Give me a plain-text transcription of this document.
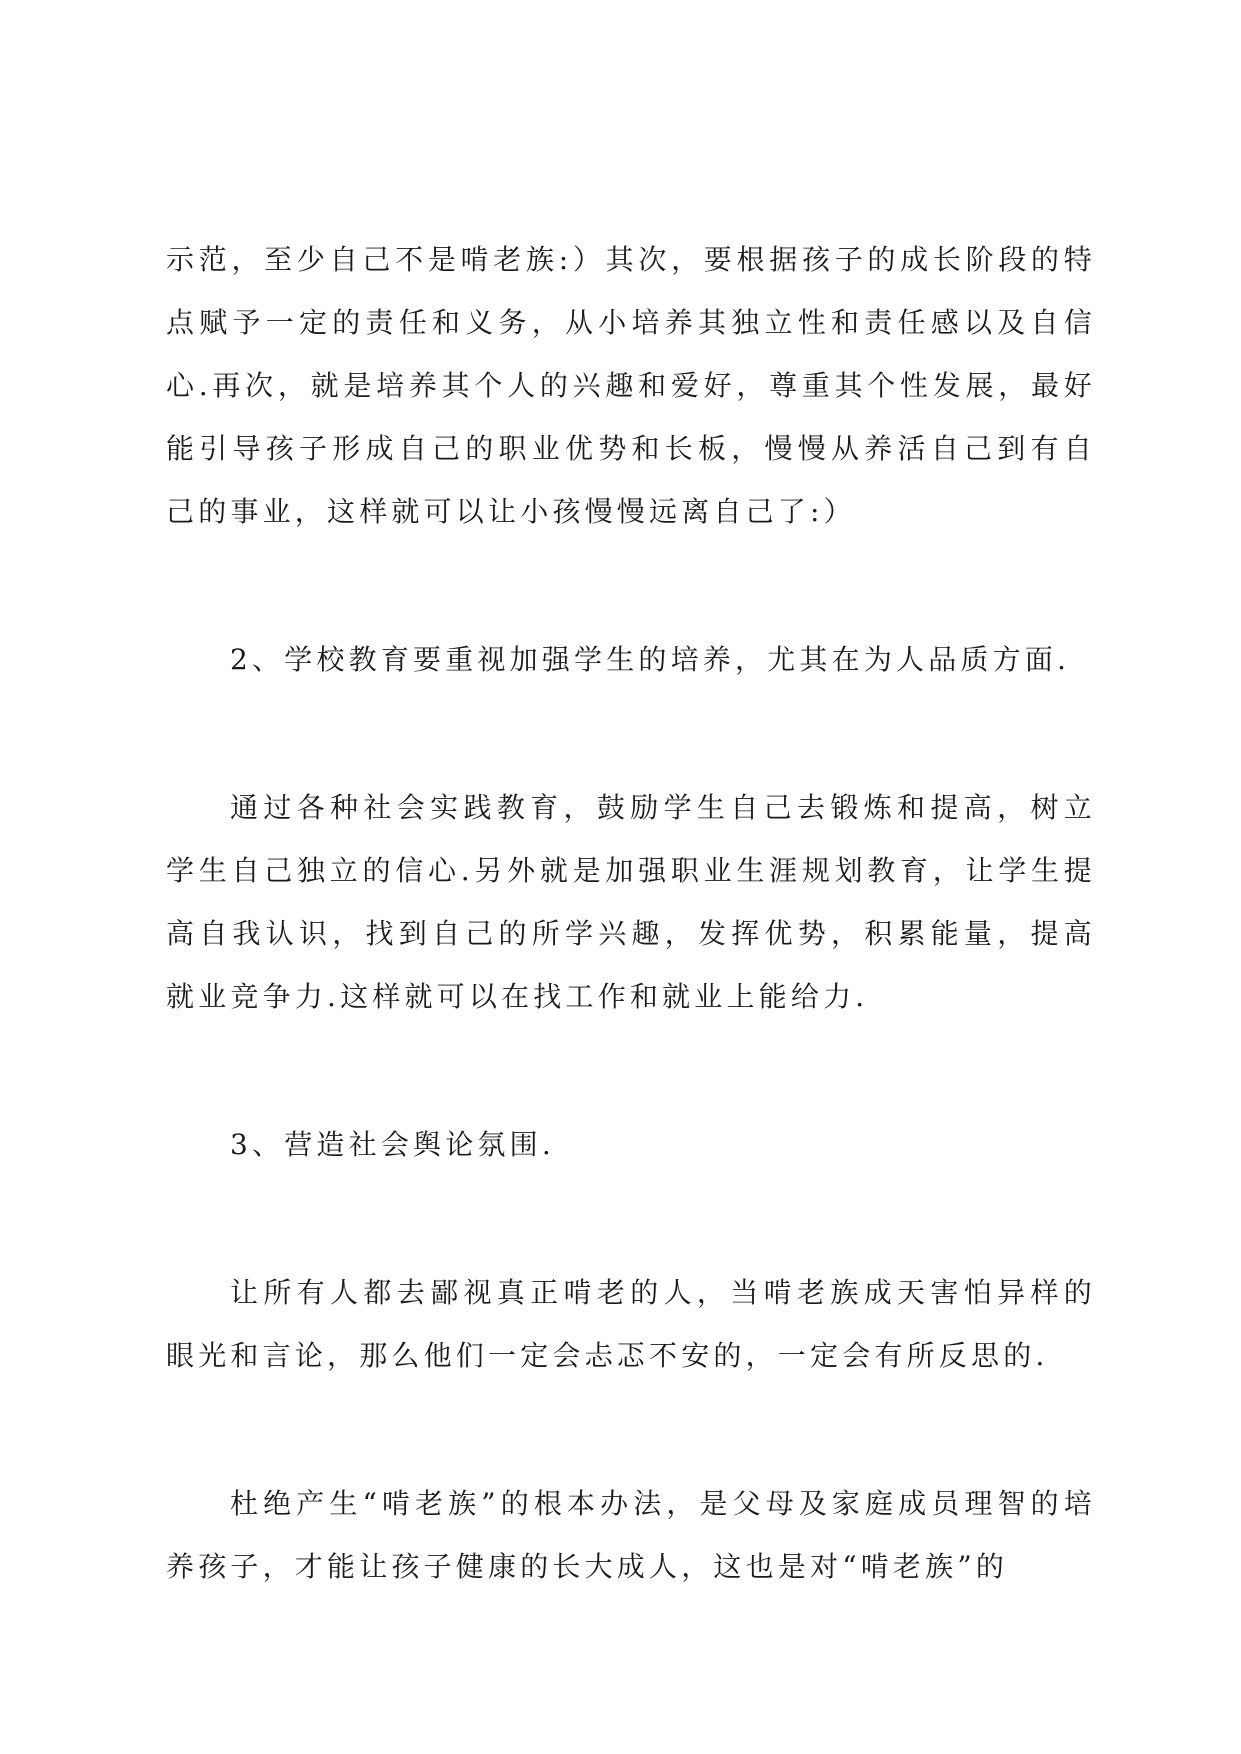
示范，至少自己不是啃老族:）其次，要根据孩子的成长阶段的特点赋予一定的责任和义务，从小培养其独立性和责任感以及自信心.再次，就是培养其个人的兴趣和爱好，尊重其个性发展，最好能引导孩子形成自己的职业优势和长板，慢慢从养活自己到有自己的事业，这样就可以让小孩慢慢远离自己了:）

2、学校教育要重视加强学生的培养，尤其在为人品质方面.

通过各种社会实践教育，鼓励学生自己去锻炼和提高，树立学生自己独立的信心.另外就是加强职业生涯规划教育，让学生提高自我认识，找到自己的所学兴趣，发挥优势，积累能量，提高就业竞争力.这样就可以在找工作和就业上能给力.

3、营造社会舆论氛围.

让所有人都去鄙视真正啃老的人，当啃老族成天害怕异样的眼光和言论，那么他们一定会忐忑不安的，一定会有所反思的.

杜绝产生“啃老族”的根本办法，是父母及家庭成员理智的培养孩子，才能让孩子健康的长大成人，这也是对“啃老族”的
